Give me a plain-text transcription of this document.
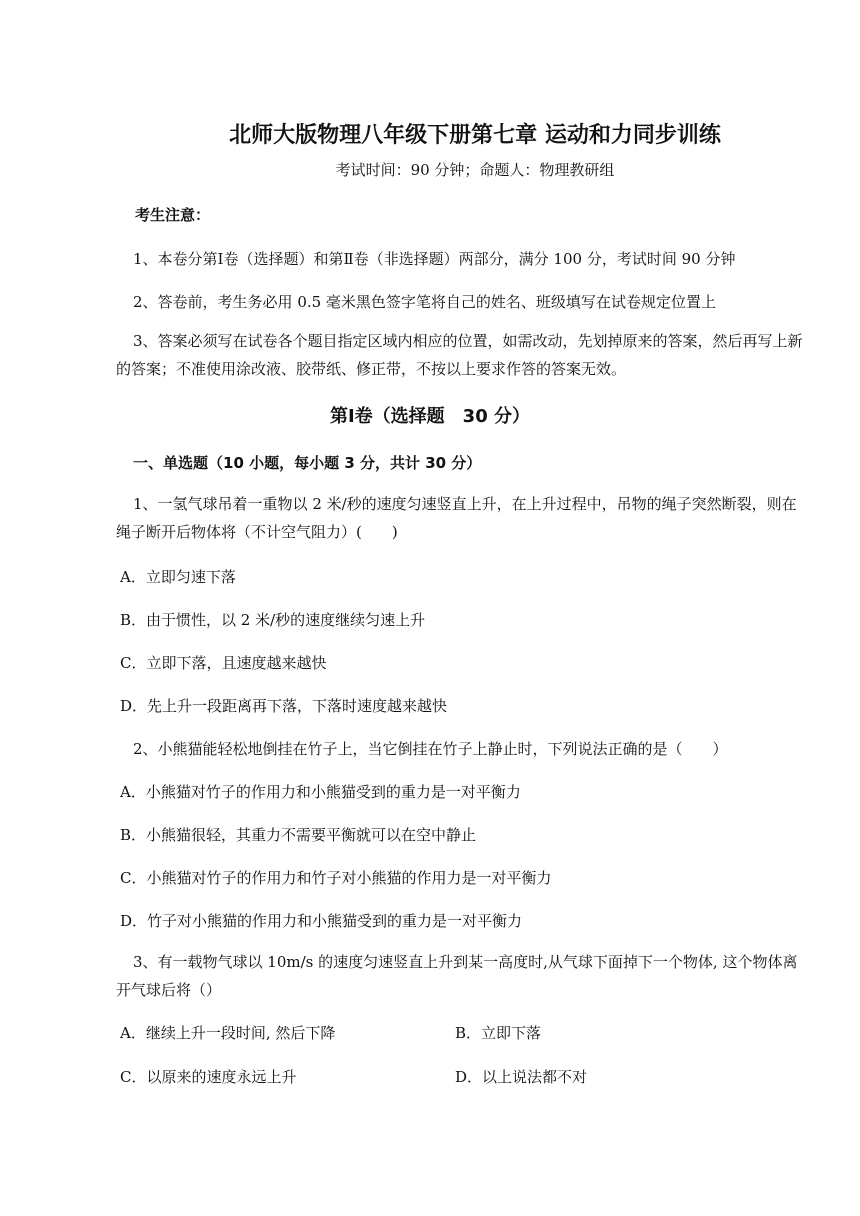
北师大版物理八年级下册第七章 运动和力同步训练
考试时间：90 分钟；命题人：物理教研组
考生注意：
1、本卷分第Ⅰ卷（选择题）和第Ⅱ卷（非选择题）两部分，满分 100 分，考试时间 90 分钟
2、答卷前，考生务必用 0.5 毫米黑色签字笔将自己的姓名、班级填写在试卷规定位置上
3、答案必须写在试卷各个题目指定区域内相应的位置，如需改动，先划掉原来的答案，然后再写上新的答案；不准使用涂改液、胶带纸、修正带，不按以上要求作答的答案无效。
第Ⅰ卷（选择题　30 分）
一、单选题（10 小题，每小题 3 分，共计 30 分）
1、一氢气球吊着一重物以 2 米/秒的速度匀速竖直上升，在上升过程中，吊物的绳子突然断裂，则在绳子断开后物体将（不计空气阻力）(　　)
A．立即匀速下落
B．由于惯性，以 2 米/秒的速度继续匀速上升
C．立即下落，且速度越来越快
D．先上升一段距离再下落，下落时速度越来越快
2、小熊猫能轻松地倒挂在竹子上，当它倒挂在竹子上静止时，下列说法正确的是（　　）
A．小熊猫对竹子的作用力和小熊猫受到的重力是一对平衡力
B．小熊猫很轻，其重力不需要平衡就可以在空中静止
C．小熊猫对竹子的作用力和竹子对小熊猫的作用力是一对平衡力
D．竹子对小熊猫的作用力和小熊猫受到的重力是一对平衡力
3、有一载物气球以 10m/s 的速度匀速竖直上升到某一高度时,从气球下面掉下一个物体, 这个物体离开气球后将（）
A．继续上升一段时间, 然后下降	B．立即下落
C．以原来的速度永远上升	D．以上说法都不对
